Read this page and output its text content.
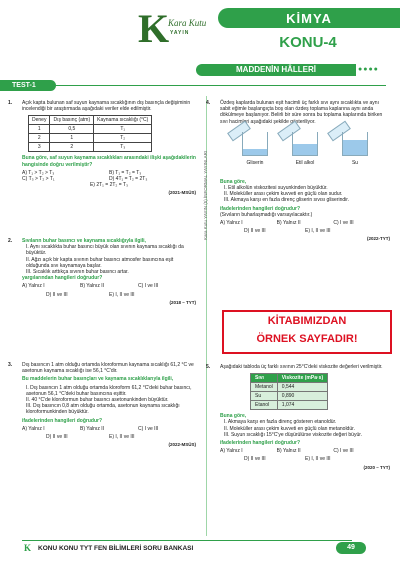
K
Kara Kutu
YAYIN
KİMYA
KONU-4
MADDENİN HÂLLERİ	●●●●
TEST-1
Kara Kutu YAYIN (5) İNFORMAL YAYINLARI
1. Açık kapta bulunan saf suyun kaynama sıcaklığının dış basınçla değişiminin incelendiği bir araştırmada aşağıdaki veriler elde edilmiştir.
Deney	Dış basınç (atm)	Kaynama sıcaklığı (°C)
1	0,5	T₁
2	1	T₂
3	2	T₃
Buna göre, saf suyun kaynama sıcaklıkları arasındaki ilişki aşağıdakilerin hangisinde doğru verilmiştir?
A) T₁ > T₂ > T₃	B) T₁ = T₂ = T₃
C) T₃ > T₂ > T₁	D) 4T₁ = T₂ = 2T₃
E) 2T₁ = 2T₂ = T₃
(2021-MSÜS)
2. Sıvıların buhar basıncı ve kaynama sıcaklığıyla ilgili,
I. Aynı sıcaklıkta buhar basıncı büyük olan sıvının kaynama sıcaklığı da büyüktür.
II. Ağzı açık bir kapta sıvının buhar basıncı atmosfer basıncına eşit olduğunda sıvı kaynamaya başlar.
III. Sıcaklık arttıkça sıvının buhar basıncı artar.
yargılarından hangileri doğrudur?
A) Yalnız I	B) Yalnız II	C) I ve III
D) II ve III	E) I, II ve III
(2018 – TYT)
3. Dış basıncın 1 atm olduğu ortamda kloroformun kaynama sıcaklığı 61,2 °C ve asetonun kaynama sıcaklığı ise 56,1 °C'dir.
Bu maddelerin buhar basınçları ve kaynama sıcaklıklarıyla ilgili,
I. Dış basıncın 1 atm olduğu ortamda kloroform 61,2 °C'deki buhar basıncı, asetonun 56,1 °C'deki buhar basıncına eşittir.
II. 40 °C'de kloroformun buhar basıncı asetonunkinden büyüktür.
III. Dış basıncın 0,8 atm olduğu ortamda, asetonun kaynama sıcaklığı kloroformunkinden büyüktür.
ifadelerinden hangileri doğrudur?
A) Yalnız I	B) Yalnız II	C) I ve III
D) II ve III	E) I, II ve III
(2022-MSÜS)
4. Özdeş kaplarda bulunan eşit hacimli üç farklı sıvı aynı sıcaklıkta ve aynı sabit eğimle başlangıçta boş olan özdeş toplama kaplarına aynı anda dökülmeye başlanıyor. Belirli bir süre sonra bu toplama kaplarında biriken sıvı hacimleri aşağıdaki şekilde gösteriliyor.
Gliserin	Etil alkol	Su
Buna göre,
I. Etil alkolün viskozitesi suyunkinden büyüktür.
II. Moleküller arası çekim kuvveti en güçlü olan sudur.
III. Akmaya karşı en fazla direnç gliserin sıvısı gliserindir.
ifadelerinden hangileri doğrudur?
(Sıvıların buharlaşmadığı varsayılacaktır.)
A) Yalnız I	B) Yalnız II	C) I ve III
D) II ve III	E) I, II ve III
(2022-TYT)
5. Aşağıdaki tabloda üç farklı sıvının 25°C'deki viskozite değerleri verilmiştir.
Sıvı	Viskozite (mPa·s)
Metanol	0,544
Su	0,890
Etanol	1,074
Buna göre,
I. Akmaya karşı en fazla direnç gösteren etanoldür.
II. Moleküller arası çekim kuvveti en güçlü olan metanoldür.
III. Suyun sıcaklığı 15°C'ye düşürülürse viskozite değeri büyür.
ifadelerinden hangileri doğrudur?
A) Yalnız I	B) Yalnız II	C) I ve III
D) II ve III	E) I, II ve III
(2020 – TYT)
KİTABIMIZDAN
ÖRNEK SAYFADIR!
K KONU KONU TYT FEN BİLİMLERİ SORU BANKASI	49
